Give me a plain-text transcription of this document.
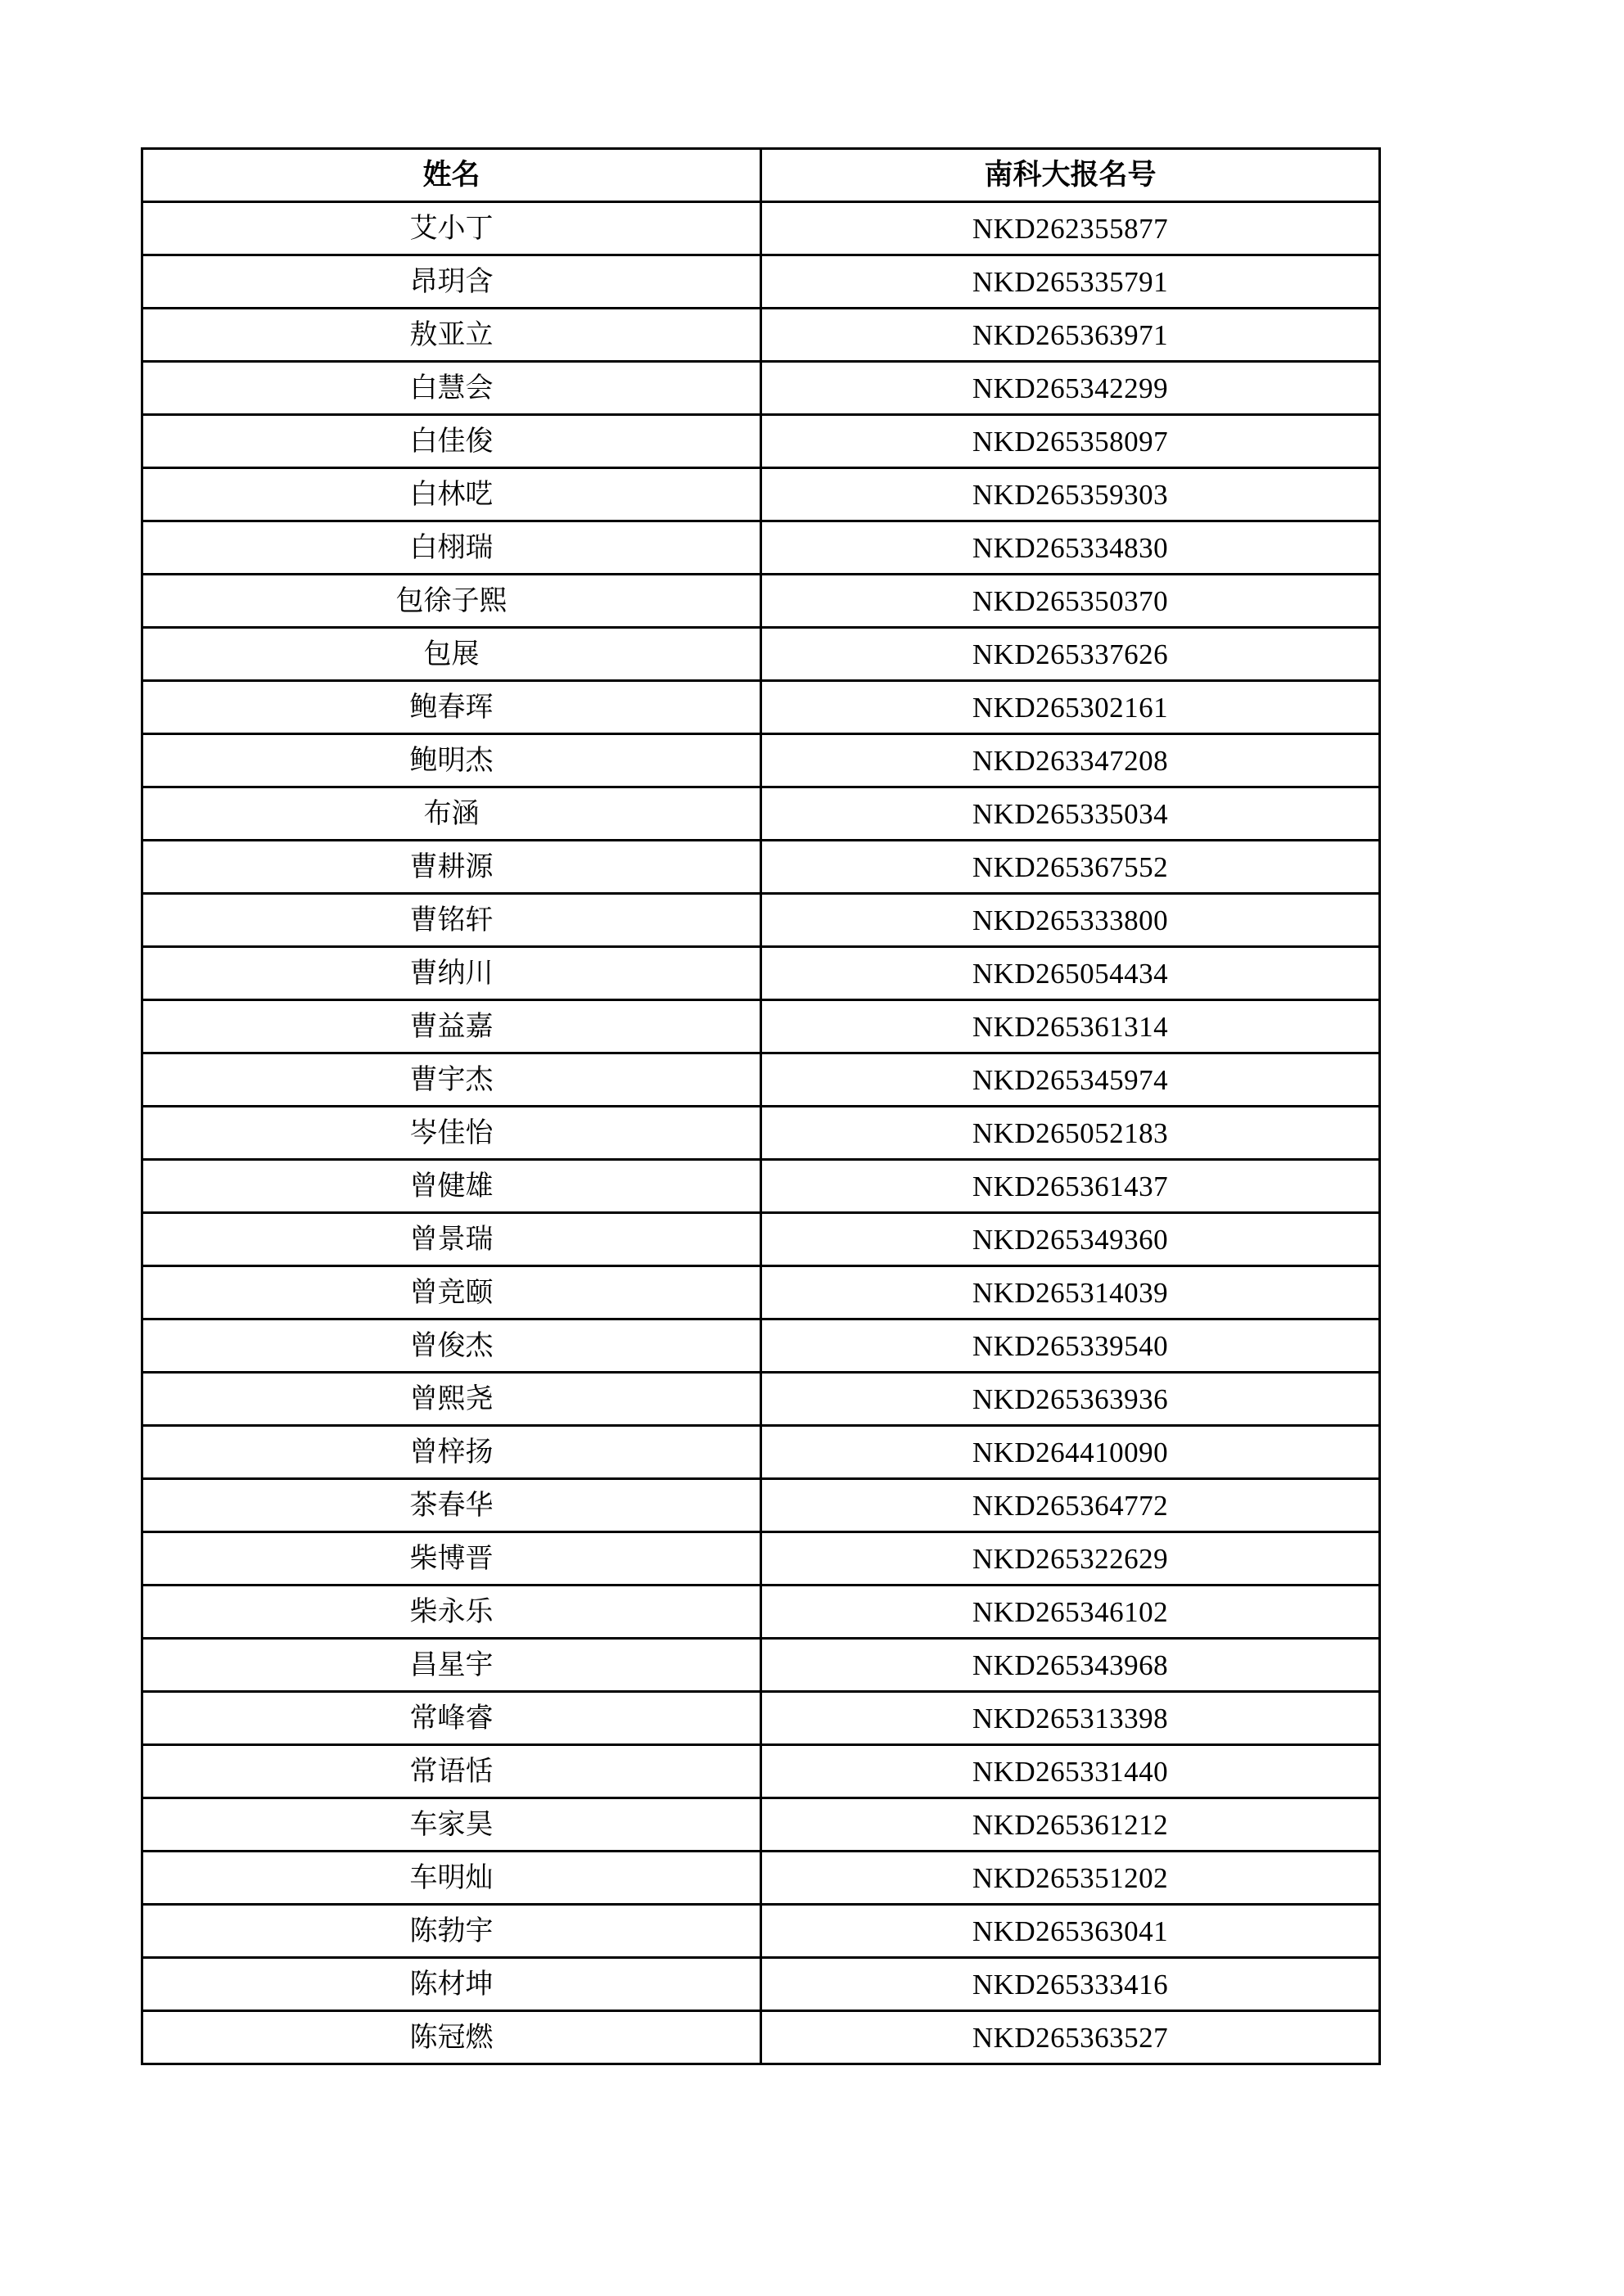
姓名	南科大报名号
艾小丁	NKD262355877
昂玥含	NKD265335791
敖亚立	NKD265363971
白慧会	NKD265342299
白佳俊	NKD265358097
白林呓	NKD265359303
白栩瑞	NKD265334830
包徐子熙	NKD265350370
包展	NKD265337626
鲍春珲	NKD265302161
鲍明杰	NKD263347208
布涵	NKD265335034
曹耕源	NKD265367552
曹铭轩	NKD265333800
曹纳川	NKD265054434
曹益嘉	NKD265361314
曹宇杰	NKD265345974
岑佳怡	NKD265052183
曾健雄	NKD265361437
曾景瑞	NKD265349360
曾竞颐	NKD265314039
曾俊杰	NKD265339540
曾熙尧	NKD265363936
曾梓扬	NKD264410090
茶春华	NKD265364772
柴博晋	NKD265322629
柴永乐	NKD265346102
昌星宇	NKD265343968
常峰睿	NKD265313398
常语恬	NKD265331440
车家昊	NKD265361212
车明灿	NKD265351202
陈勃宇	NKD265363041
陈材坤	NKD265333416
陈冠燃	NKD265363527
